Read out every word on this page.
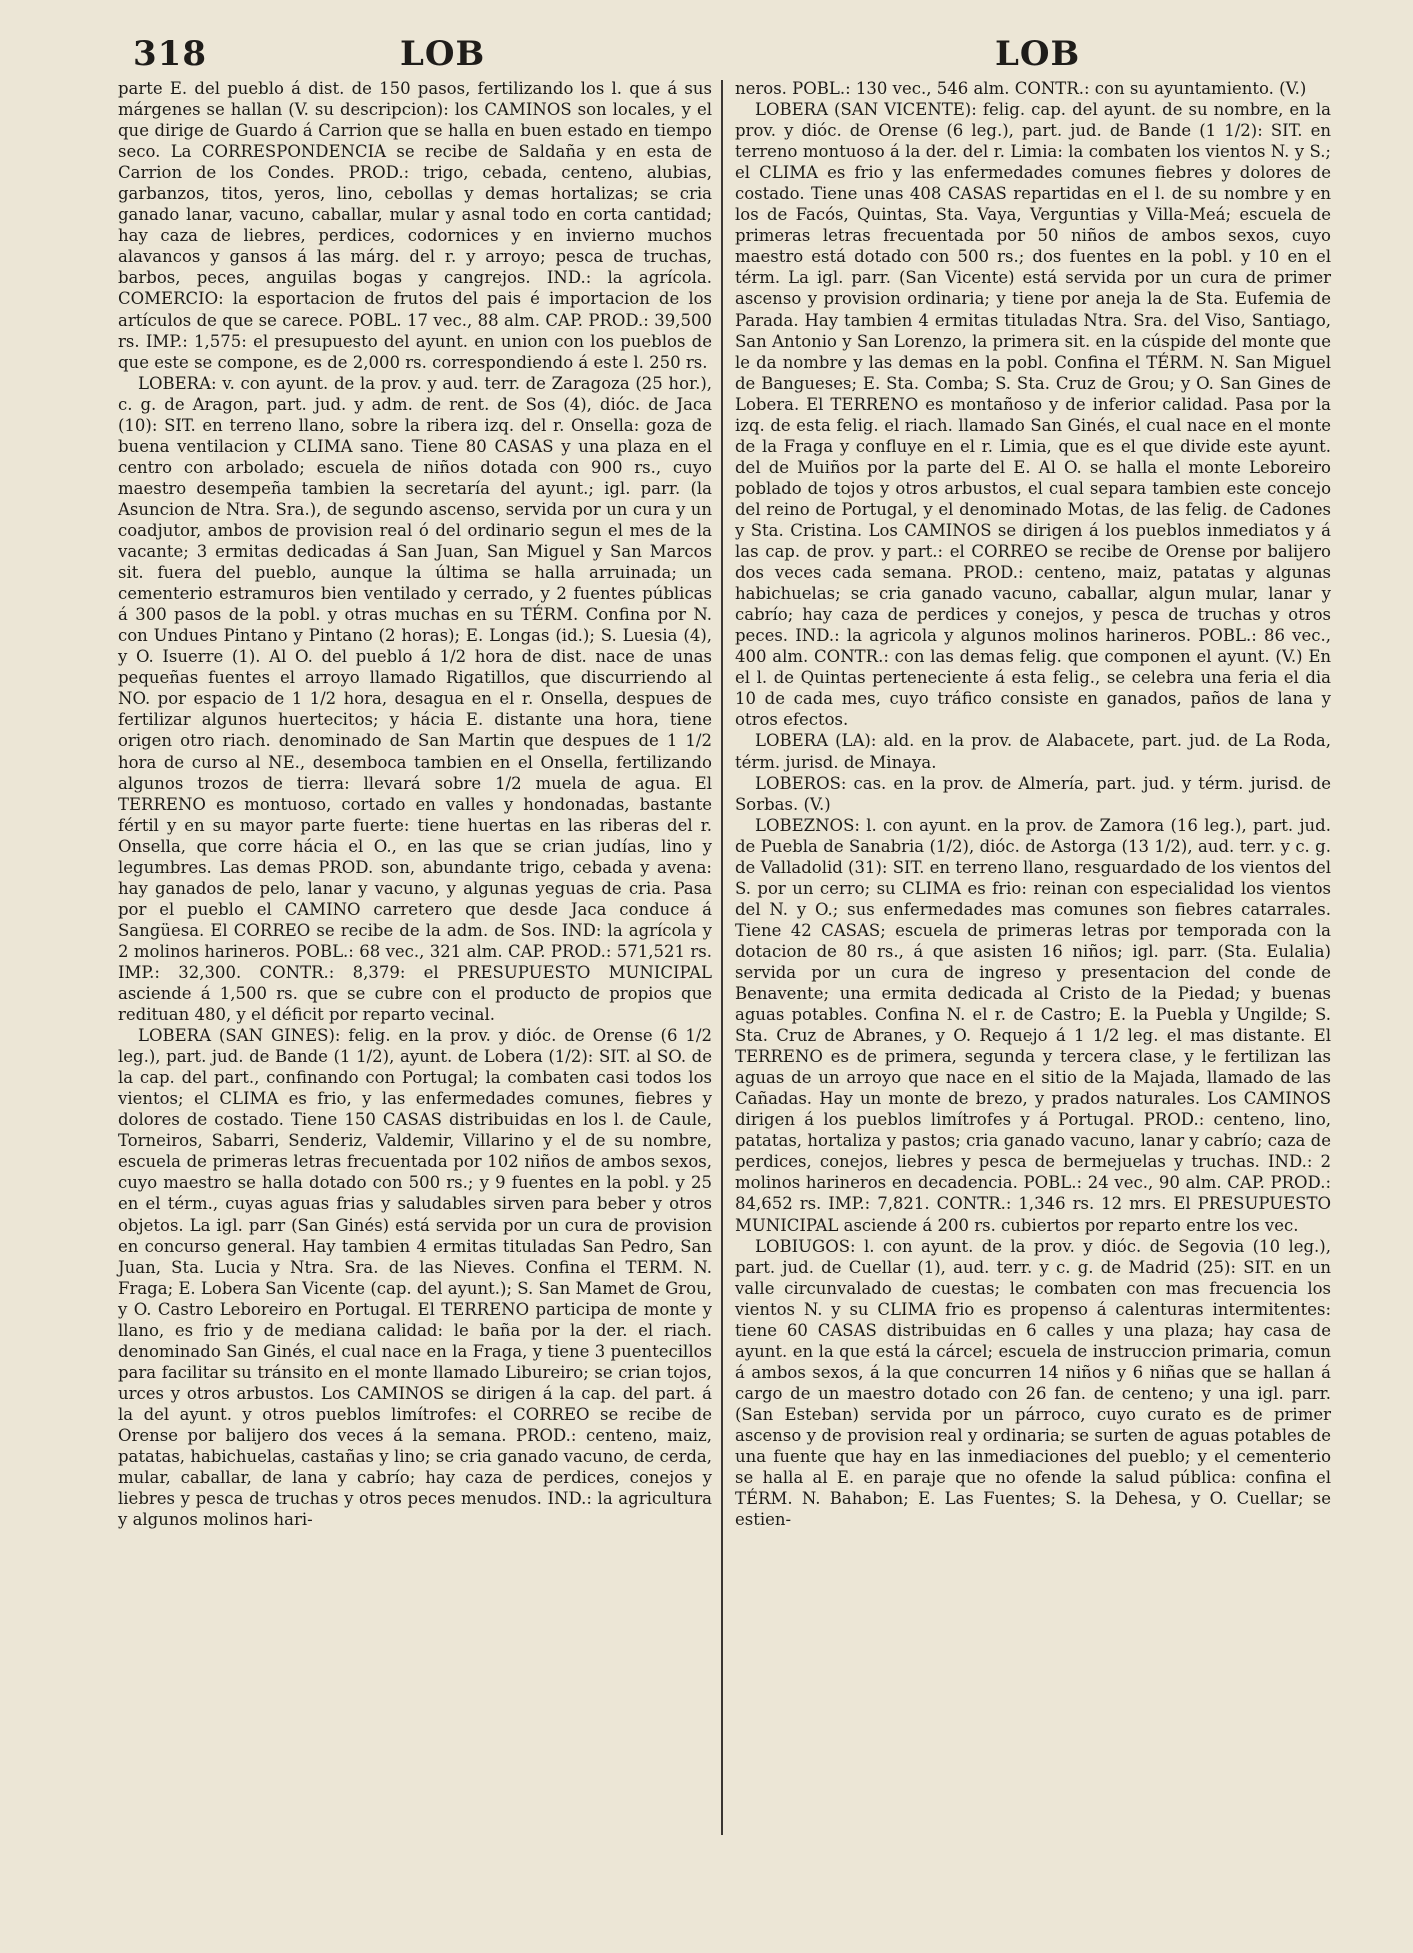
318	LOB	LOB

parte E. del pueblo á dist. de 150 pasos, fertilizando los l. que á sus márgenes se hallan (V. su descripcion): los CAMINOS son locales, y el que dirige de Guardo á Carrion que se halla en buen estado en tiempo seco. La CORRESPONDENCIA se recibe de Saldaña y en esta de Carrion de los Condes. PROD.: trigo, cebada, centeno, alubias, garbanzos, titos, yeros, lino, cebollas y demas hortalizas; se cria ganado lanar, vacuno, caballar, mular y asnal todo en corta cantidad; hay caza de liebres, perdices, codornices y en invierno muchos alavancos y gansos á las márg. del r. y arroyo; pesca de truchas, barbos, peces, anguilas bogas y cangrejos. IND.: la agrícola. COMERCIO: la esportacion de frutos del pais é importacion de los artículos de que se carece. POBL. 17 vec., 88 alm. CAP. PROD.: 39,500 rs. IMP.: 1,575: el presupuesto del ayunt. en union con los pueblos de que este se compone, es de 2,000 rs. correspondiendo á este l. 250 rs.

LOBERA: v. con ayunt. de la prov. y aud. terr. de Zaragoza (25 hor.), c. g. de Aragon, part. jud. y adm. de rent. de Sos (4), dióc. de Jaca (10): SIT. en terreno llano, sobre la ribera izq. del r. Onsella: goza de buena ventilacion y CLIMA sano. Tiene 80 CASAS y una plaza en el centro con arbolado; escuela de niños dotada con 900 rs., cuyo maestro desempeña tambien la secretaría del ayunt.; igl. parr. (la Asuncion de Ntra. Sra.), de segundo ascenso, servida por un cura y un coadjutor, ambos de provision real ó del ordinario segun el mes de la vacante; 3 ermitas dedicadas á San Juan, San Miguel y San Marcos sit. fuera del pueblo, aunque la última se halla arruinada; un cementerio estramuros bien ventilado y cerrado, y 2 fuentes públicas á 300 pasos de la pobl. y otras muchas en su TÉRM. Confina por N. con Undues Pintano y Pintano (2 horas); E. Longas (id.); S. Luesia (4), y O. Isuerre (1). Al O. del pueblo á 1/2 hora de dist. nace de unas pequeñas fuentes el arroyo llamado Rigatillos, que discurriendo al NO. por espacio de 1 1/2 hora, desagua en el r. Onsella, despues de fertilizar algunos huertecitos; y hácia E. distante una hora, tiene origen otro riach. denominado de San Martin que despues de 1 1/2 hora de curso al NE., desemboca tambien en el Onsella, fertilizando algunos trozos de tierra: llevará sobre 1/2 muela de agua. El TERRENO es montuoso, cortado en valles y hondonadas, bastante fértil y en su mayor parte fuerte: tiene huertas en las riberas del r. Onsella, que corre hácia el O., en las que se crian judías, lino y legumbres. Las demas PROD. son, abundante trigo, cebada y avena: hay ganados de pelo, lanar y vacuno, y algunas yeguas de cria. Pasa por el pueblo el CAMINO carretero que desde Jaca conduce á Sangüesa. El CORREO se recibe de la adm. de Sos. IND: la agrícola y 2 molinos harineros. POBL.: 68 vec., 321 alm. CAP. PROD.: 571,521 rs. IMP.: 32,300. CONTR.: 8,379: el PRESUPUESTO MUNICIPAL asciende á 1,500 rs. que se cubre con el producto de propios que redituan 480, y el déficit por reparto vecinal.

LOBERA (SAN GINES): felig. en la prov. y dióc. de Orense (6 1/2 leg.), part. jud. de Bande (1 1/2), ayunt. de Lobera (1/2): SIT. al SO. de la cap. del part., confinando con Portugal; la combaten casi todos los vientos; el CLIMA es frio, y las enfermedades comunes, fiebres y dolores de costado. Tiene 150 CASAS distribuidas en los l. de Caule, Torneiros, Sabarri, Senderiz, Valdemir, Villarino y el de su nombre, escuela de primeras letras frecuentada por 102 niños de ambos sexos, cuyo maestro se halla dotado con 500 rs.; y 9 fuentes en la pobl. y 25 en el térm., cuyas aguas frias y saludables sirven para beber y otros objetos. La igl. parr (San Ginés) está servida por un cura de provision en concurso general. Hay tambien 4 ermitas tituladas San Pedro, San Juan, Sta. Lucia y Ntra. Sra. de las Nieves. Confina el TERM. N. Fraga; E. Lobera San Vicente (cap. del ayunt.); S. San Mamet de Grou, y O. Castro Leboreiro en Portugal. El TERRENO participa de monte y llano, es frio y de mediana calidad: le baña por la der. el riach. denominado San Ginés, el cual nace en la Fraga, y tiene 3 puentecillos para facilitar su tránsito en el monte llamado Libureiro; se crian tojos, urces y otros arbustos. Los CAMINOS se dirigen á la cap. del part. á la del ayunt. y otros pueblos limítrofes: el CORREO se recibe de Orense por balijero dos veces á la semana. PROD.: centeno, maiz, patatas, habichuelas, castañas y lino; se cria ganado vacuno, de cerda, mular, caballar, de lana y cabrío; hay caza de perdices, conejos y liebres y pesca de truchas y otros peces menudos. IND.: la agricultura y algunos molinos hari-

neros. POBL.: 130 vec., 546 alm. CONTR.: con su ayuntamiento. (V.)

LOBERA (SAN VICENTE): felig. cap. del ayunt. de su nombre, en la prov. y dióc. de Orense (6 leg.), part. jud. de Bande (1 1/2): SIT. en terreno montuoso á la der. del r. Limia: la combaten los vientos N. y S.; el CLIMA es frio y las enfermedades comunes fiebres y dolores de costado. Tiene unas 408 CASAS repartidas en el l. de su nombre y en los de Facós, Quintas, Sta. Vaya, Verguntias y Villa-Meá; escuela de primeras letras frecuentada por 50 niños de ambos sexos, cuyo maestro está dotado con 500 rs.; dos fuentes en la pobl. y 10 en el térm. La igl. parr. (San Vicente) está servida por un cura de primer ascenso y provision ordinaria; y tiene por aneja la de Sta. Eufemia de Parada. Hay tambien 4 ermitas tituladas Ntra. Sra. del Viso, Santiago, San Antonio y San Lorenzo, la primera sit. en la cúspide del monte que le da nombre y las demas en la pobl. Confina el TÉRM. N. San Miguel de Bangueses; E. Sta. Comba; S. Sta. Cruz de Grou; y O. San Gines de Lobera. El TERRENO es montañoso y de inferior calidad. Pasa por la izq. de esta felig. el riach. llamado San Ginés, el cual nace en el monte de la Fraga y confluye en el r. Limia, que es el que divide este ayunt. del de Muiños por la parte del E. Al O. se halla el monte Leboreiro poblado de tojos y otros arbustos, el cual separa tambien este concejo del reino de Portugal, y el denominado Motas, de las felig. de Cadones y Sta. Cristina. Los CAMINOS se dirigen á los pueblos inmediatos y á las cap. de prov. y part.: el CORREO se recibe de Orense por balijero dos veces cada semana. PROD.: centeno, maiz, patatas y algunas habichuelas; se cria ganado vacuno, caballar, algun mular, lanar y cabrío; hay caza de perdices y conejos, y pesca de truchas y otros peces. IND.: la agricola y algunos molinos harineros. POBL.: 86 vec., 400 alm. CONTR.: con las demas felig. que componen el ayunt. (V.) En el l. de Quintas perteneciente á esta felig., se celebra una feria el dia 10 de cada mes, cuyo tráfico consiste en ganados, paños de lana y otros efectos.

LOBERA (LA): ald. en la prov. de Alabacete, part. jud. de La Roda, térm. jurisd. de Minaya.

LOBEROS: cas. en la prov. de Almería, part. jud. y térm. jurisd. de Sorbas. (V.)

LOBEZNOS: l. con ayunt. en la prov. de Zamora (16 leg.), part. jud. de Puebla de Sanabria (1/2), dióc. de Astorga (13 1/2), aud. terr. y c. g. de Valladolid (31): SIT. en terreno llano, resguardado de los vientos del S. por un cerro; su CLIMA es frio: reinan con especialidad los vientos del N. y O.; sus enfermedades mas comunes son fiebres catarrales. Tiene 42 CASAS; escuela de primeras letras por temporada con la dotacion de 80 rs., á que asisten 16 niños; igl. parr. (Sta. Eulalia) servida por un cura de ingreso y presentacion del conde de Benavente; una ermita dedicada al Cristo de la Piedad; y buenas aguas potables. Confina N. el r. de Castro; E. la Puebla y Ungilde; S. Sta. Cruz de Abranes, y O. Requejo á 1 1/2 leg. el mas distante. El TERRENO es de primera, segunda y tercera clase, y le fertilizan las aguas de un arroyo que nace en el sitio de la Majada, llamado de las Cañadas. Hay un monte de brezo, y prados naturales. Los CAMINOS dirigen á los pueblos limítrofes y á Portugal. PROD.: centeno, lino, patatas, hortaliza y pastos; cria ganado vacuno, lanar y cabrío; caza de perdices, conejos, liebres y pesca de bermejuelas y truchas. IND.: 2 molinos harineros en decadencia. POBL.: 24 vec., 90 alm. CAP. PROD.: 84,652 rs. IMP.: 7,821. CONTR.: 1,346 rs. 12 mrs. El PRESUPUESTO MUNICIPAL asciende á 200 rs. cubiertos por reparto entre los vec.

LOBIUGOS: l. con ayunt. de la prov. y dióc. de Segovia (10 leg.), part. jud. de Cuellar (1), aud. terr. y c. g. de Madrid (25): SIT. en un valle circunvalado de cuestas; le combaten con mas frecuencia los vientos N. y su CLIMA frio es propenso á calenturas intermitentes: tiene 60 CASAS distribuidas en 6 calles y una plaza; hay casa de ayunt. en la que está la cárcel; escuela de instruccion primaria, comun á ambos sexos, á la que concurren 14 niños y 6 niñas que se hallan á cargo de un maestro dotado con 26 fan. de centeno; y una igl. parr. (San Esteban) servida por un párroco, cuyo curato es de primer ascenso y de provision real y ordinaria; se surten de aguas potables de una fuente que hay en las inmediaciones del pueblo; y el cementerio se halla al E. en paraje que no ofende la salud pública: confina el TÉRM. N. Bahabon; E. Las Fuentes; S. la Dehesa, y O. Cuellar; se estien-
